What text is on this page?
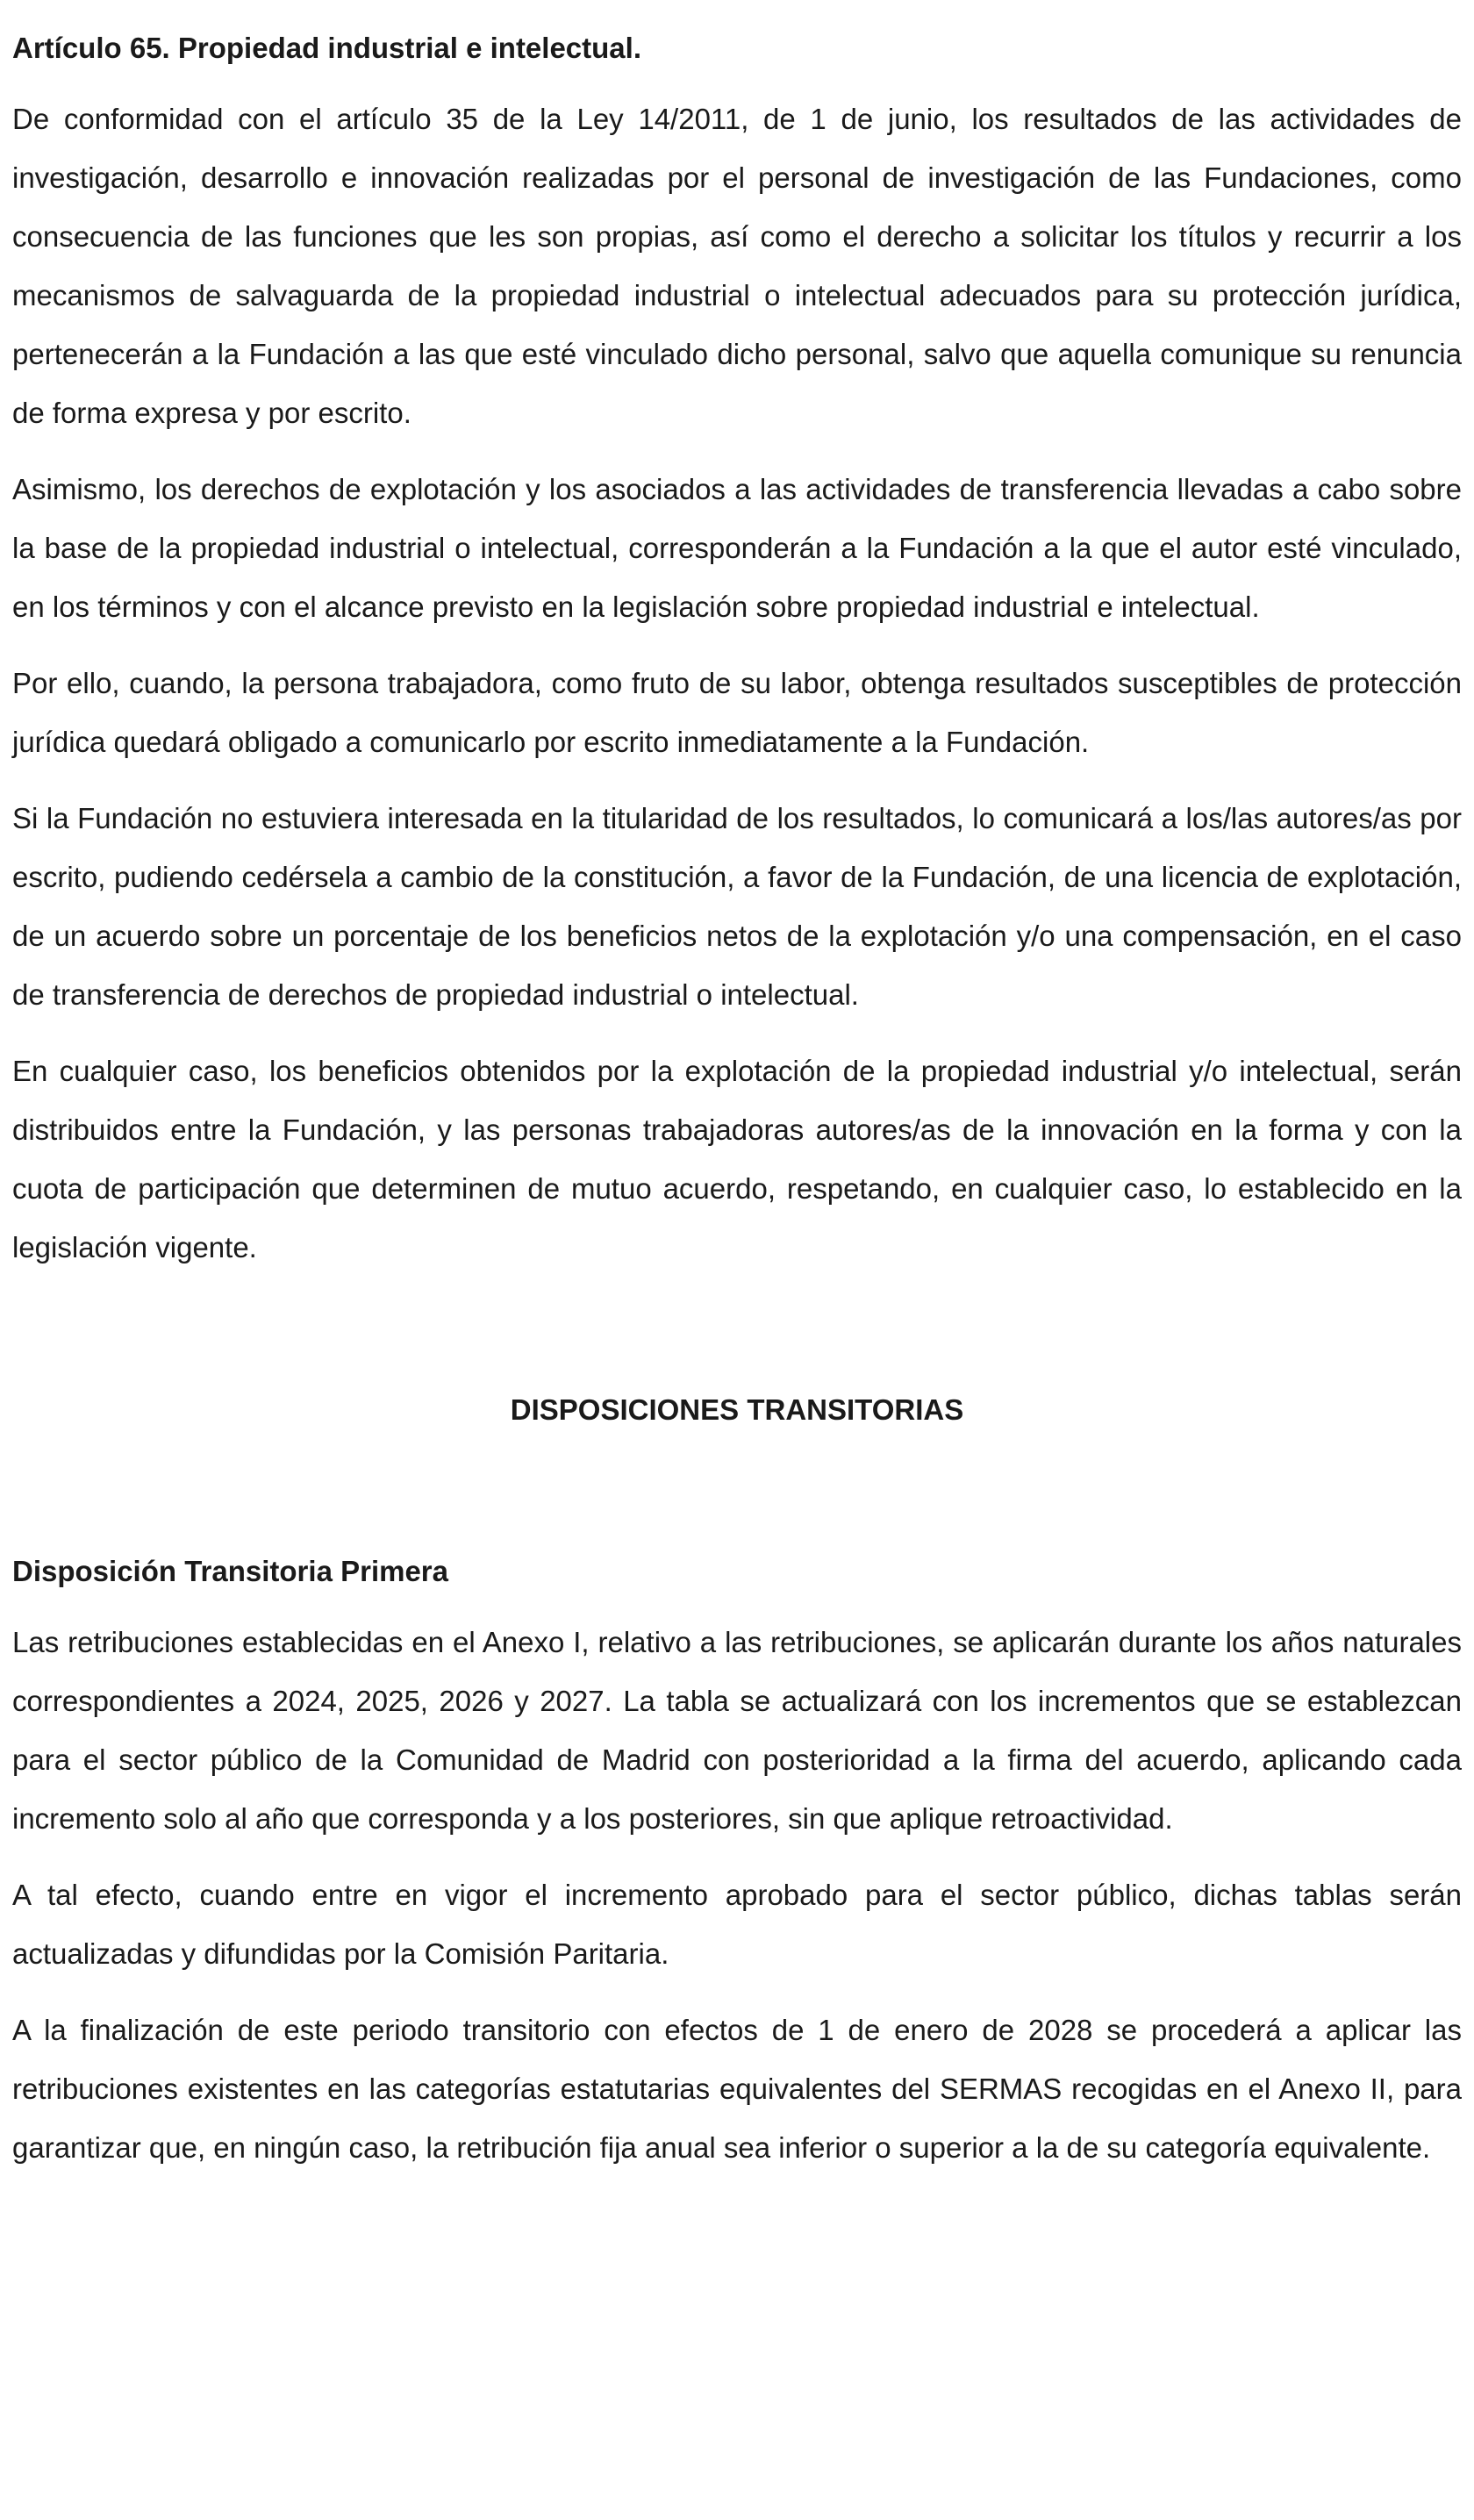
Artículo 65. Propiedad industrial e intelectual.

De conformidad con el artículo 35 de la Ley 14/2011, de 1 de junio, los resultados de las actividades de investigación, desarrollo e innovación realizadas por el personal de investigación de las Fundaciones, como consecuencia de las funciones que les son propias, así como el derecho a solicitar los títulos y recurrir a los mecanismos de salvaguarda de la propiedad industrial o intelectual adecuados para su protección jurídica, pertenecerán a la Fundación a las que esté vinculado dicho personal, salvo que aquella comunique su renuncia de forma expresa y por escrito.

Asimismo, los derechos de explotación y los asociados a las actividades de transferencia llevadas a cabo sobre la base de la propiedad industrial o intelectual, corresponderán a la Fundación a la que el autor esté vinculado, en los términos y con el alcance previsto en la legislación sobre propiedad industrial e intelectual.

Por ello, cuando, la persona trabajadora, como fruto de su labor, obtenga resultados susceptibles de protección jurídica quedará obligado a comunicarlo por escrito inmediatamente a la Fundación.

Si la Fundación no estuviera interesada en la titularidad de los resultados, lo comunicará a los/las autores/as por escrito, pudiendo cedérsela a cambio de la constitución, a favor de la Fundación, de una licencia de explotación, de un acuerdo sobre un porcentaje de los beneficios netos de la explotación y/o una compensación, en el caso de transferencia de derechos de propiedad industrial o intelectual.

En cualquier caso, los beneficios obtenidos por la explotación de la propiedad industrial y/o intelectual, serán distribuidos entre la Fundación, y las personas trabajadoras autores/as de la innovación en la forma y con la cuota de participación que determinen de mutuo acuerdo, respetando, en cualquier caso, lo establecido en la legislación vigente.

DISPOSICIONES TRANSITORIAS

Disposición Transitoria Primera

Las retribuciones establecidas en el Anexo I, relativo a las retribuciones, se aplicarán durante los años naturales correspondientes a 2024, 2025, 2026 y 2027. La tabla se actualizará con los incrementos que se establezcan para el sector público de la Comunidad de Madrid con posterioridad a la firma del acuerdo, aplicando cada incremento solo al año que corresponda y a los posteriores, sin que aplique retroactividad.

A tal efecto, cuando entre en vigor el incremento aprobado para el sector público, dichas tablas serán actualizadas y difundidas por la Comisión Paritaria.

A la finalización de este periodo transitorio con efectos de 1 de enero de 2028 se procederá a aplicar las retribuciones existentes en las categorías estatutarias equivalentes del SERMAS recogidas en el Anexo II, para garantizar que, en ningún caso, la retribución fija anual sea inferior o superior a la de su categoría equivalente.
